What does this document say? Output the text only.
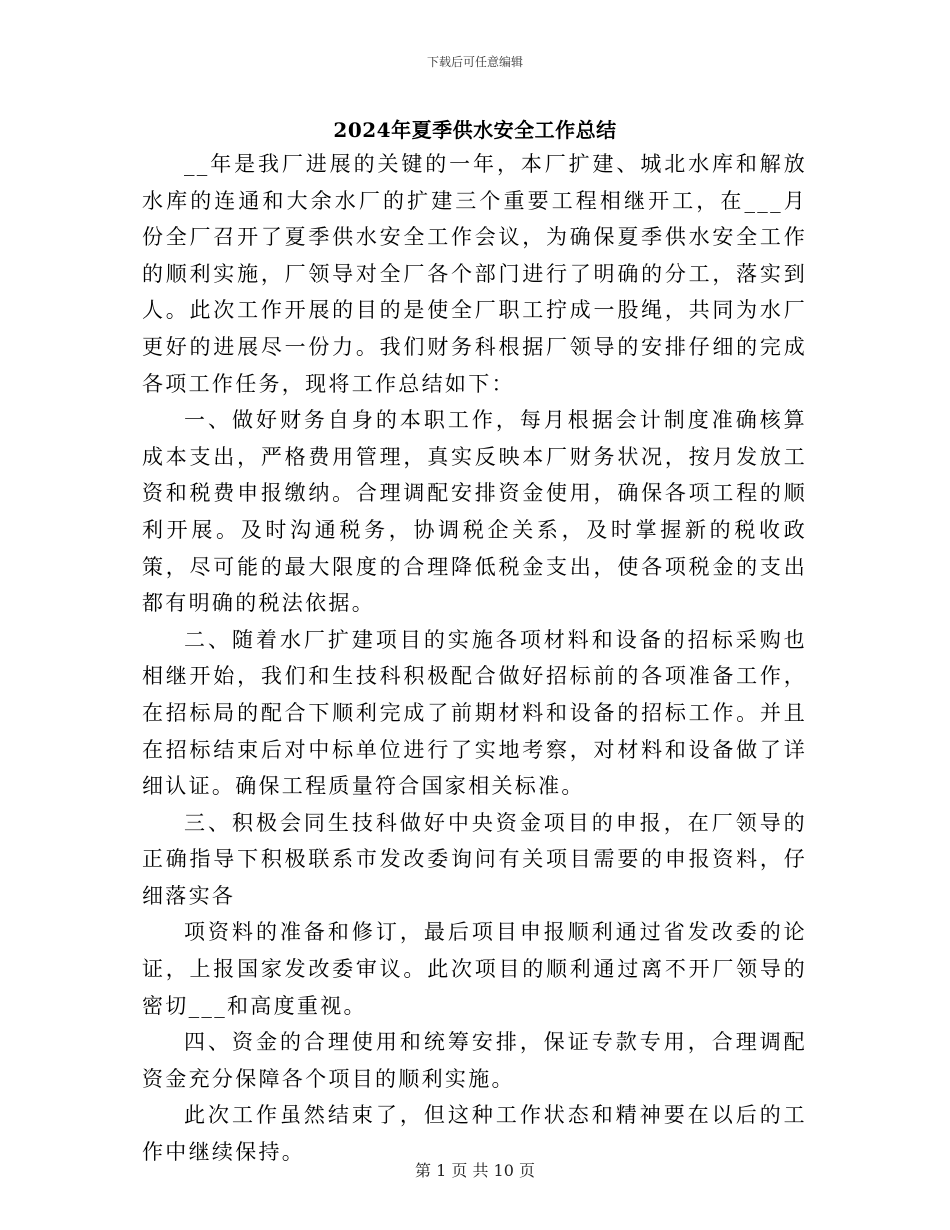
下载后可任意编辑
2024年夏季供水安全工作总结

__年是我厂进展的关键的一年，本厂扩建、城北水库和解放水库的连通和大余水厂的扩建三个重要工程相继开工，在___月份全厂召开了夏季供水安全工作会议，为确保夏季供水安全工作的顺利实施，厂领导对全厂各个部门进行了明确的分工，落实到人。此次工作开展的目的是使全厂职工拧成一股绳，共同为水厂更好的进展尽一份力。我们财务科根据厂领导的安排仔细的完成各项工作任务，现将工作总结如下：

一、做好财务自身的本职工作，每月根据会计制度准确核算成本支出，严格费用管理，真实反映本厂财务状况，按月发放工资和税费申报缴纳。合理调配安排资金使用，确保各项工程的顺利开展。及时沟通税务，协调税企关系，及时掌握新的税收政策，尽可能的最大限度的合理降低税金支出，使各项税金的支出都有明确的税法依据。

二、随着水厂扩建项目的实施各项材料和设备的招标采购也相继开始，我们和生技科积极配合做好招标前的各项准备工作，在招标局的配合下顺利完成了前期材料和设备的招标工作。并且在招标结束后对中标单位进行了实地考察，对材料和设备做了详细认证。确保工程质量符合国家相关标准。

三、积极会同生技科做好中央资金项目的申报，在厂领导的正确指导下积极联系市发改委询问有关项目需要的申报资料，仔细落实各

项资料的准备和修订，最后项目申报顺利通过省发改委的论证，上报国家发改委审议。此次项目的顺利通过离不开厂领导的密切___和高度重视。

四、资金的合理使用和统筹安排，保证专款专用，合理调配资金充分保障各个项目的顺利实施。

此次工作虽然结束了，但这种工作状态和精神要在以后的工作中继续保持。

第 1 页 共 10 页
